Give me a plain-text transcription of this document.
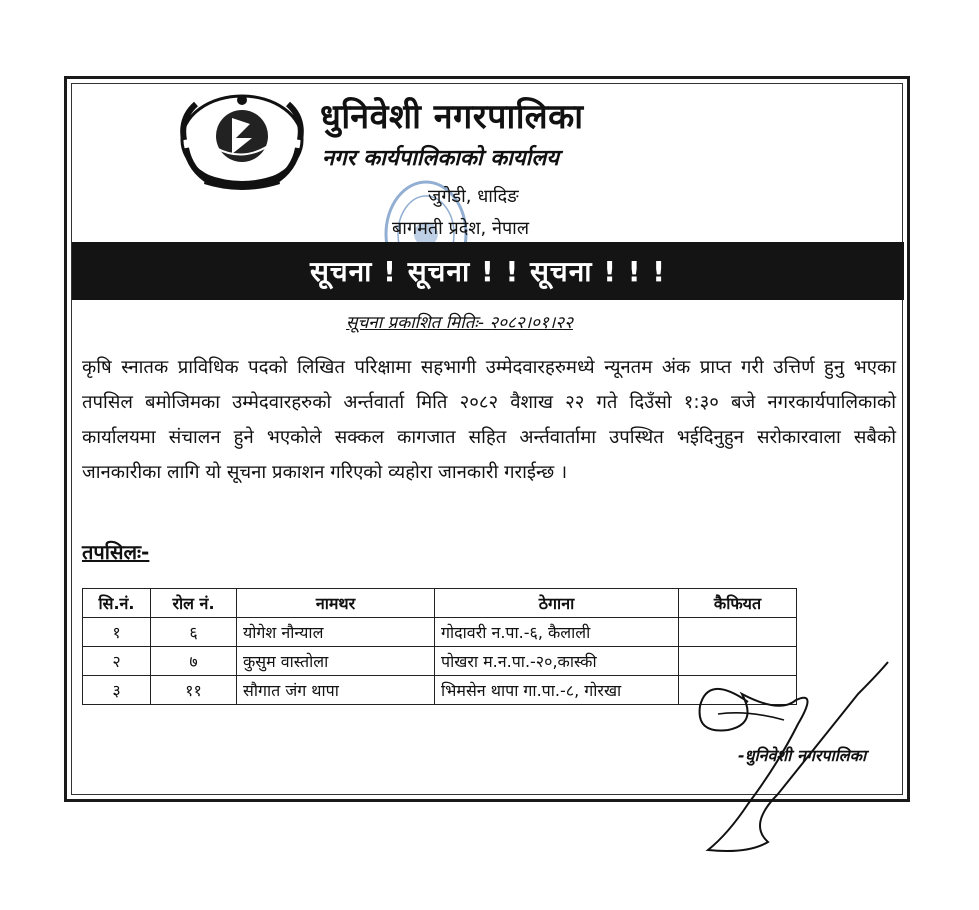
धुनिवेशी नगरपालिका
नगर कार्यपालिकाको कार्यालय
जुगेडी, धादिङ
बागमती प्रदेश, नेपाल
सूचना ! सूचना ! ! सूचना ! ! !
सूचना प्रकाशित मितिः- २०८२।०१।२२
कृषि स्नातक प्राविधिक पदको लिखित परिक्षामा सहभागी उम्मेदवारहरुमध्ये न्यूनतम अंक प्राप्त गरी उत्तिर्ण हुनु भएका तपसिल बमोजिमका उम्मेदवारहरुको अर्न्तवार्ता मिति २०८२ वैशाख २२ गते दिउँसो १:३० बजे नगरकार्यपालिकाको कार्यालयमा संचालन हुने भएकोले सक्कल कागजात सहित अर्न्तवार्तामा उपस्थित भईदिनुहुन सरोकारवाला सबैको जानकारीका लागि यो सूचना प्रकाशन गरिएको व्यहोरा जानकारी गराईन्छ ।
तपसिलः-
सि.नं.	रोल नं.	नामथर	ठेगाना	कैफियत
१	६	योगेश नौन्याल	गोदावरी न.पा.-६, कैलाली	
२	७	कुसुम वास्तोला	पोखरा म.न.पा.-२०,कास्की	
३	११	सौगात जंग थापा	भिमसेन थापा गा.पा.-८, गोरखा	
-धुनिवेशी नगरपालिका
